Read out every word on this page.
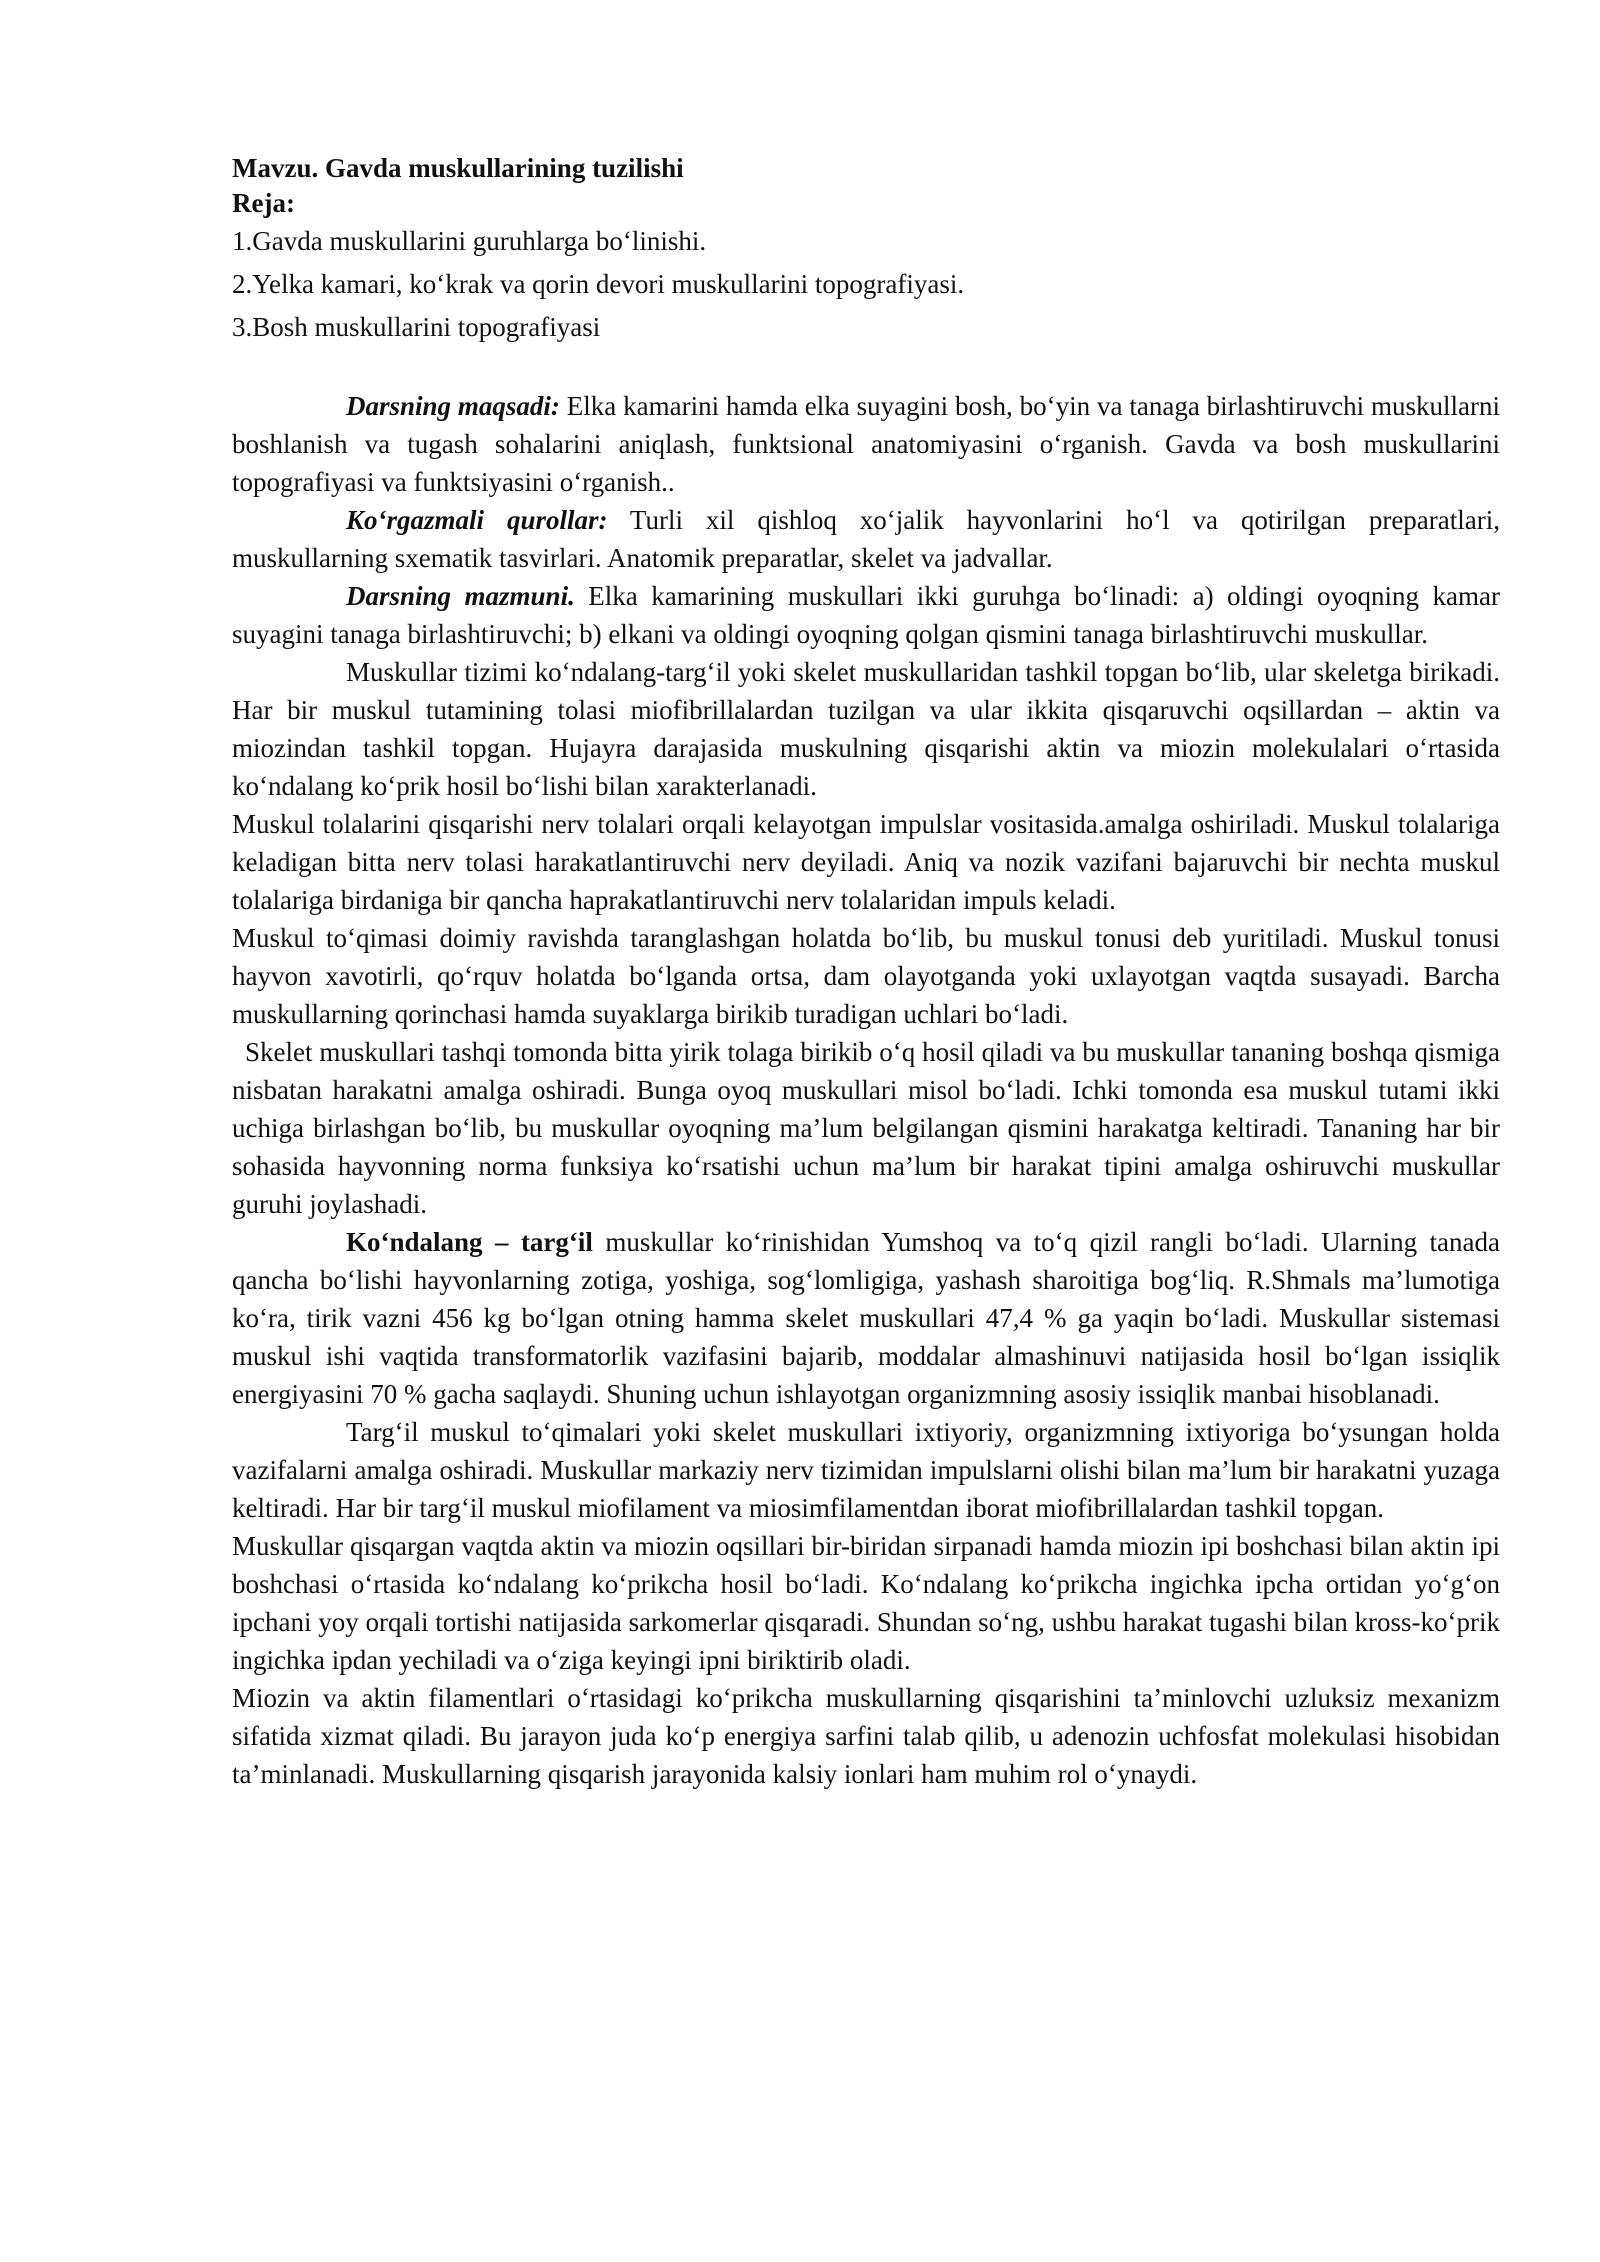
Mavzu. Gavda muskullarining tuzilishi

Reja:

1.Gavda muskullarini guruhlarga bo‘linishi.

2.Yelka kamari, ko‘krak va qorin devori muskullarini topografiyasi.

3.Bosh muskullarini topografiyasi

Darsning maqsadi: Elka kamarini hamda elka suyagini bosh, bo‘yin va tanaga birlashtiruvchi muskullarni boshlanish va tugash sohalarini aniqlash, funktsional anatomiyasini o‘rganish. Gavda va bosh muskullarini topografiyasi va funktsiyasini o‘rganish..

Ko‘rgazmali qurollar: Turli xil qishloq xo‘jalik hayvonlarini ho‘l va qotirilgan preparatlari, muskullarning sxematik tasvirlari. Anatomik preparatlar, skelet va jadvallar.

Darsning mazmuni. Elka kamarining muskullari ikki guruhga bo‘linadi: a) oldingi oyoqning kamar suyagini tanaga birlashtiruvchi; b) elkani va oldingi oyoqning qolgan qismini tanaga birlashtiruvchi muskullar.

Muskullar tizimi ko‘ndalang-targ‘il yoki skelet muskullaridan tashkil topgan bo‘lib, ular skeletga birikadi. Har bir muskul tutamining tolasi miofibrillalardan tuzilgan va ular ikkita qisqaruvchi oqsillardan – aktin va miozindan tashkil topgan. Hujayra darajasida muskulning qisqarishi aktin va miozin molekulalari o‘rtasida ko‘ndalang ko‘prik hosil bo‘lishi bilan xarakterlanadi.

Muskul tolalarini qisqarishi nerv tolalari orqali kelayotgan impulslar vositasida.amalga oshiriladi. Muskul tolalariga keladigan bitta nerv tolasi harakatlantiruvchi nerv deyiladi. Aniq va nozik vazifani bajaruvchi bir nechta muskul tolalariga birdaniga bir qancha haprakatlantiruvchi nerv tolalaridan impuls keladi.

Muskul to‘qimasi doimiy ravishda taranglashgan holatda bo‘lib, bu muskul tonusi deb yuritiladi. Muskul tonusi hayvon xavotirli, qo‘rquv holatda bo‘lganda ortsa, dam olayotganda yoki uxlayotgan vaqtda susayadi. Barcha muskullarning qorinchasi hamda suyaklarga birikib turadigan uchlari bo‘ladi.

Skelet muskullari tashqi tomonda bitta yirik tolaga birikib o‘q hosil qiladi va bu muskullar tananing boshqa qismiga nisbatan harakatni amalga oshiradi. Bunga oyoq muskullari misol bo‘ladi. Ichki tomonda esa muskul tutami ikki uchiga birlashgan bo‘lib, bu muskullar oyoqning ma’lum belgilangan qismini harakatga keltiradi. Tananing har bir sohasida hayvonning norma funksiya ko‘rsatishi uchun ma’lum bir harakat tipini amalga oshiruvchi muskullar guruhi joylashadi.

Ko‘ndalang – targ‘il muskullar ko‘rinishidan Yumshoq va to‘q qizil rangli bo‘ladi. Ularning tanada qancha bo‘lishi hayvonlarning zotiga, yoshiga, sog‘lomligiga, yashash sharoitiga bog‘liq. R.Shmals ma’lumotiga ko‘ra, tirik vazni 456 kg bo‘lgan otning hamma skelet muskullari 47,4 % ga yaqin bo‘ladi. Muskullar sistemasi muskul ishi vaqtida transformatorlik vazifasini bajarib, moddalar almashinuvi natijasida hosil bo‘lgan issiqlik energiyasini 70 % gacha saqlaydi. Shuning uchun ishlayotgan organizmning asosiy issiqlik manbai hisoblanadi.

Targ‘il muskul to‘qimalari yoki skelet muskullari ixtiyoriy, organizmning ixtiyoriga bo‘ysungan holda vazifalarni amalga oshiradi. Muskullar markaziy nerv tizimidan impulslarni olishi bilan ma’lum bir harakatni yuzaga keltiradi. Har bir targ‘il muskul miofilament va miosimfilamentdan iborat miofibrillalardan tashkil topgan.

Muskullar qisqargan vaqtda aktin va miozin oqsillari bir-biridan sirpanadi hamda miozin ipi boshchasi bilan aktin ipi boshchasi o‘rtasida ko‘ndalang ko‘prikcha hosil bo‘ladi. Ko‘ndalang ko‘prikcha ingichka ipcha ortidan yo‘g‘on ipchani yoy orqali tortishi natijasida sarkomerlar qisqaradi. Shundan so‘ng, ushbu harakat tugashi bilan kross-ko‘prik ingichka ipdan yechiladi va o‘ziga keyingi ipni biriktirib oladi.

Miozin va aktin filamentlari o‘rtasidagi ko‘prikcha muskullarning qisqarishini ta’minlovchi uzluksiz mexanizm sifatida xizmat qiladi. Bu jarayon juda ko‘p energiya sarfini talab qilib, u adenozin uchfosfat molekulasi hisobidan ta’minlanadi. Muskullarning qisqarish jarayonida kalsiy ionlari ham muhim rol o‘ynaydi.
